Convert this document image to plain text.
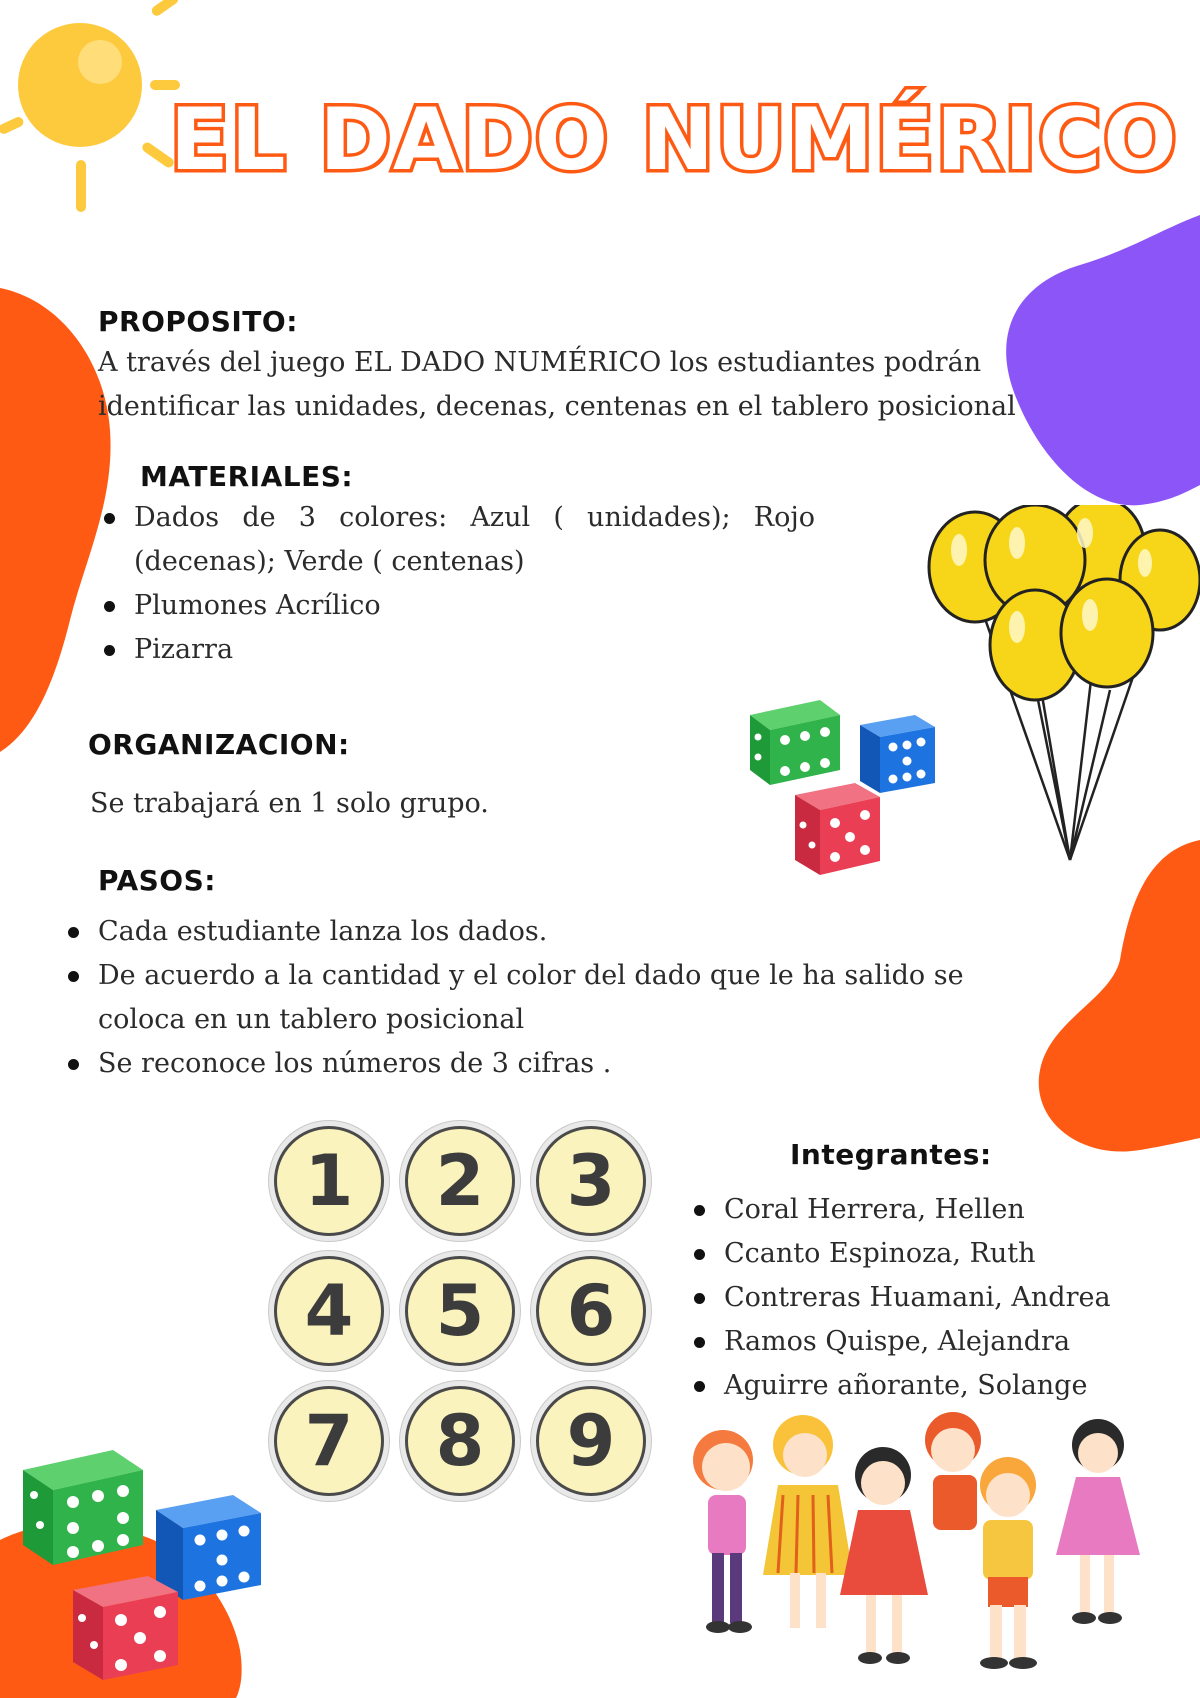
EL DADO NUMÉRICO
PROPOSITO:
A través del juego EL DADO NUMÉRICO los estudiantes podrán
identificar las unidades, decenas, centenas en el tablero posicional
MATERIALES:
Dados de 3 colores: Azul ( unidades); Rojo (decenas); Verde ( centenas)
Plumones Acrílico
Pizarra
ORGANIZACION:
Se trabajará en 1 solo grupo.
PASOS:
Cada estudiante lanza los dados.
De acuerdo a la cantidad y el color del dado que le ha salido se coloca en un tablero posicional
Se reconoce los números de 3 cifras .
1	2	3
4	5	6
7	8	9
Integrantes:
Coral Herrera, Hellen
Ccanto Espinoza, Ruth
Contreras Huamani, Andrea
Ramos Quispe, Alejandra
Aguirre añorante, Solange
